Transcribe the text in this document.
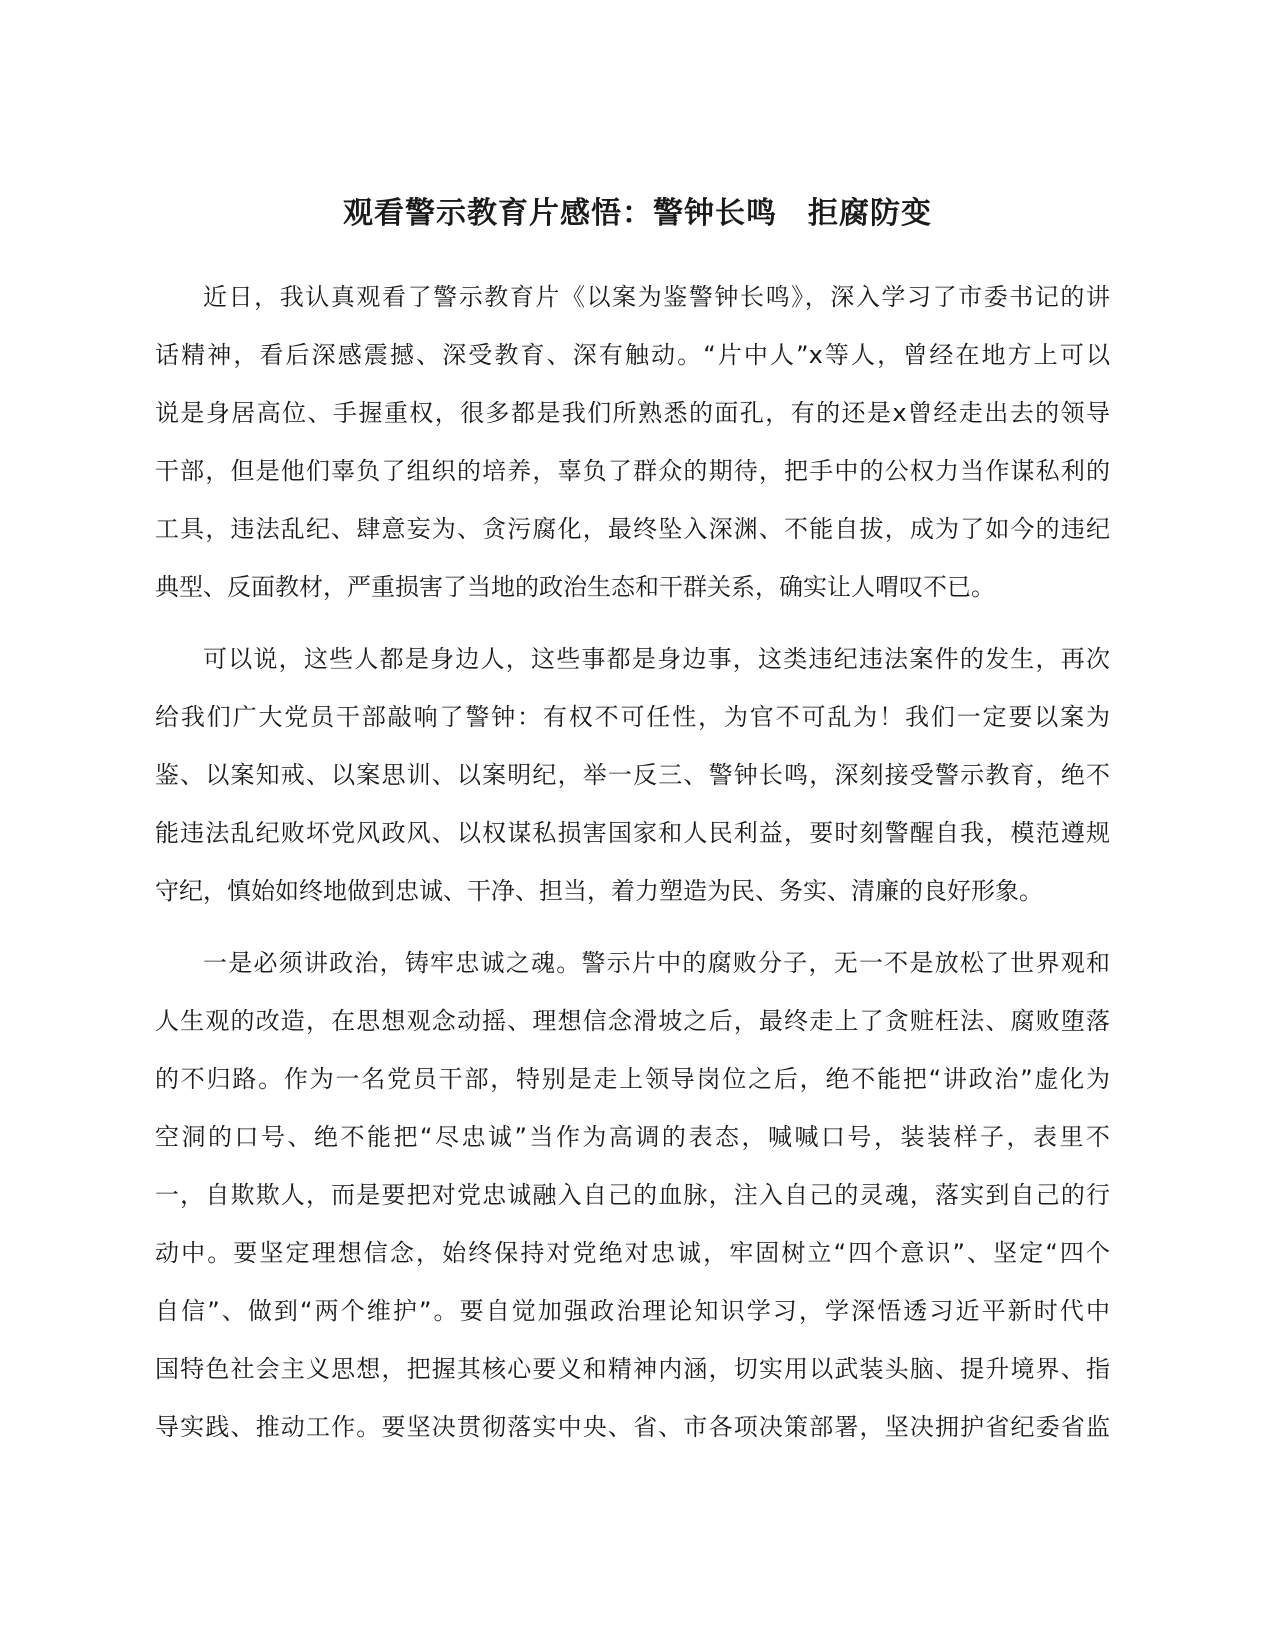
观看警示教育片感悟：警钟长鸣　拒腐防变
近日，我认真观看了警示教育片《以案为鉴警钟长鸣》，深入学习了市委书记的讲
话精神，看后深感震撼、深受教育、深有触动。“片中人”x等人，曾经在地方上可以
说是身居高位、手握重权，很多都是我们所熟悉的面孔，有的还是x曾经走出去的领导
干部，但是他们辜负了组织的培养，辜负了群众的期待，把手中的公权力当作谋私利的
工具，违法乱纪、肆意妄为、贪污腐化，最终坠入深渊、不能自拔，成为了如今的违纪
典型、反面教材，严重损害了当地的政治生态和干群关系，确实让人喟叹不已。
可以说，这些人都是身边人，这些事都是身边事，这类违纪违法案件的发生，再次
给我们广大党员干部敲响了警钟：有权不可任性，为官不可乱为！我们一定要以案为
鉴、以案知戒、以案思训、以案明纪，举一反三、警钟长鸣，深刻接受警示教育，绝不
能违法乱纪败坏党风政风、以权谋私损害国家和人民利益，要时刻警醒自我，模范遵规
守纪，慎始如终地做到忠诚、干净、担当，着力塑造为民、务实、清廉的良好形象。
一是必须讲政治，铸牢忠诚之魂。警示片中的腐败分子，无一不是放松了世界观和
人生观的改造，在思想观念动摇、理想信念滑坡之后，最终走上了贪赃枉法、腐败堕落
的不归路。作为一名党员干部，特别是走上领导岗位之后，绝不能把“讲政治”虚化为
空洞的口号、绝不能把“尽忠诚”当作为高调的表态，喊喊口号，装装样子，表里不
一，自欺欺人，而是要把对党忠诚融入自己的血脉，注入自己的灵魂，落实到自己的行
动中。要坚定理想信念，始终保持对党绝对忠诚，牢固树立“四个意识”、坚定“四个
自信”、做到“两个维护”。要自觉加强政治理论知识学习，学深悟透习近平新时代中
国特色社会主义思想，把握其核心要义和精神内涵，切实用以武装头脑、提升境界、指
导实践、推动工作。要坚决贯彻落实中央、省、市各项决策部署，坚决拥护省纪委省监
